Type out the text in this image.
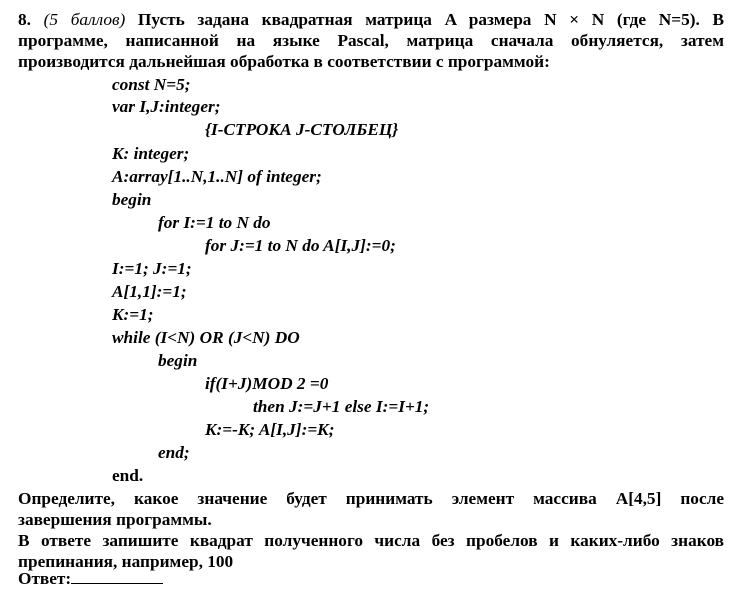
8. (5 баллов) Пусть задана квадратная матрица A размера N × N (где N=5). В
программе, написанной на языке Pascal, матрица сначала обнуляется, затем
производится дальнейшая обработка в соответствии с программой:
const N=5;
var I,J:integer;
{I-СТРОКА J-СТОЛБЕЦ}
K: integer;
A:array[1..N,1..N] of integer;
begin
for I:=1 to N do
for J:=1 to N do A[I,J]:=0;
I:=1; J:=1;
A[1,1]:=1;
K:=1;
while (I<N) OR (J<N) DO
begin
if(I+J)MOD 2 =0
then J:=J+1 else I:=I+1;
K:=-K; A[I,J]:=K;
end;
end.
Определите, какое значение будет принимать элемент массива A[4,5] после
завершения программы.
В ответе запишите квадрат полученного числа без пробелов и каких-либо знаков
препинания, например, 100
Ответ:
